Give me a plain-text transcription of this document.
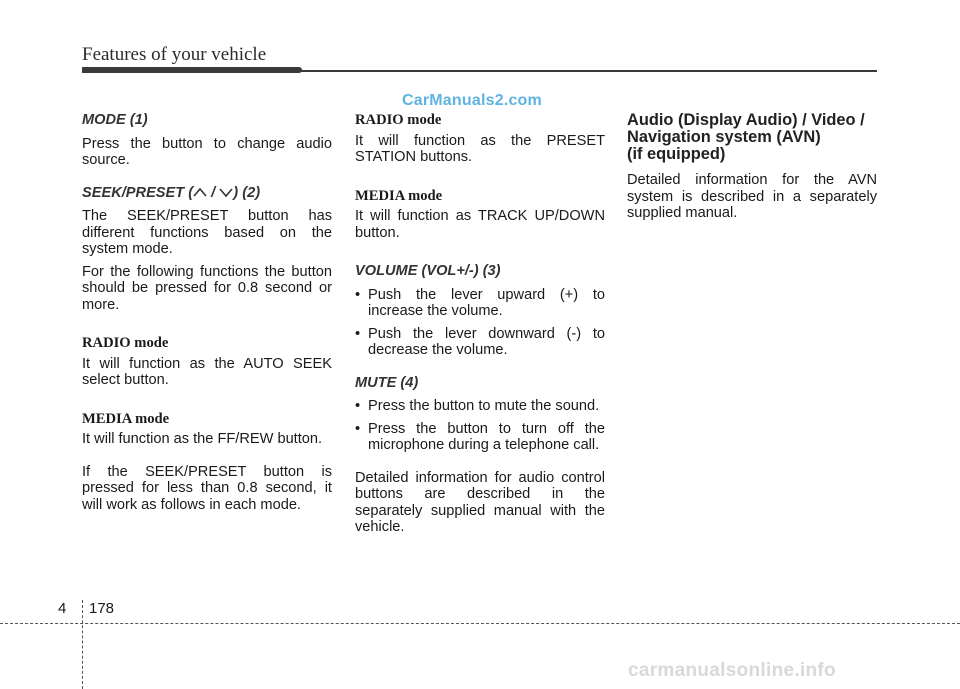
Features of your vehicle
CarManuals2.com
MODE (1)
Press the button to change audio source.
SEEK/PRESET ( / ) (2)
The SEEK/PRESET button has different functions based on the system mode.
For the following functions the button should be pressed for 0.8 second or more.
RADIO mode
It will function as the AUTO SEEK select button.
MEDIA mode
It will function as the FF/REW button.
If the SEEK/PRESET button is pressed for less than 0.8 second, it will work as follows in each mode.
RADIO mode
It will function as the PRESET STATION buttons.
MEDIA mode
It will function as TRACK UP/DOWN button.
VOLUME (VOL+/-) (3)
• Push the lever upward (+) to increase the volume.
• Push the lever downward (-) to decrease the volume.
MUTE (4)
• Press the button to mute the sound.
• Press the button to turn off the microphone during a telephone call.
Detailed information for audio control buttons are described in the separately supplied manual with the vehicle.
Audio (Display Audio) / Video /
Navigation system (AVN)
(if equipped)
Detailed information for the AVN system is described in a separately supplied manual.
4 178
carmanualsonline.info
